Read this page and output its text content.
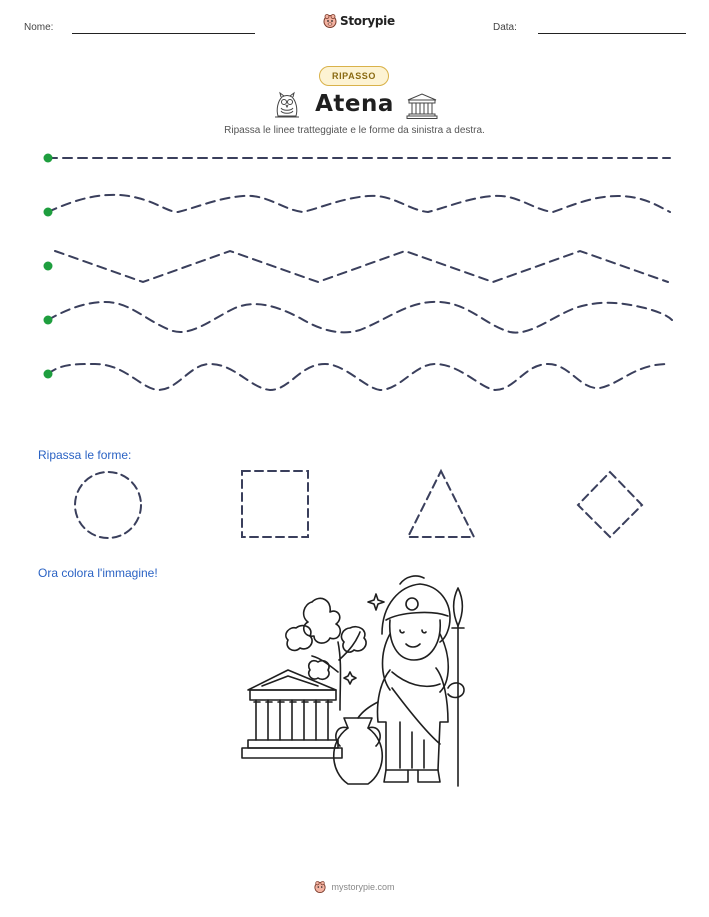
Nome:	Storypie	Data:
RIPASSO
Atena
Ripassa le linee tratteggiate e le forme da sinistra a destra.
Ripassa le forme:
Ora colora l'immagine!
mystorypie.com
